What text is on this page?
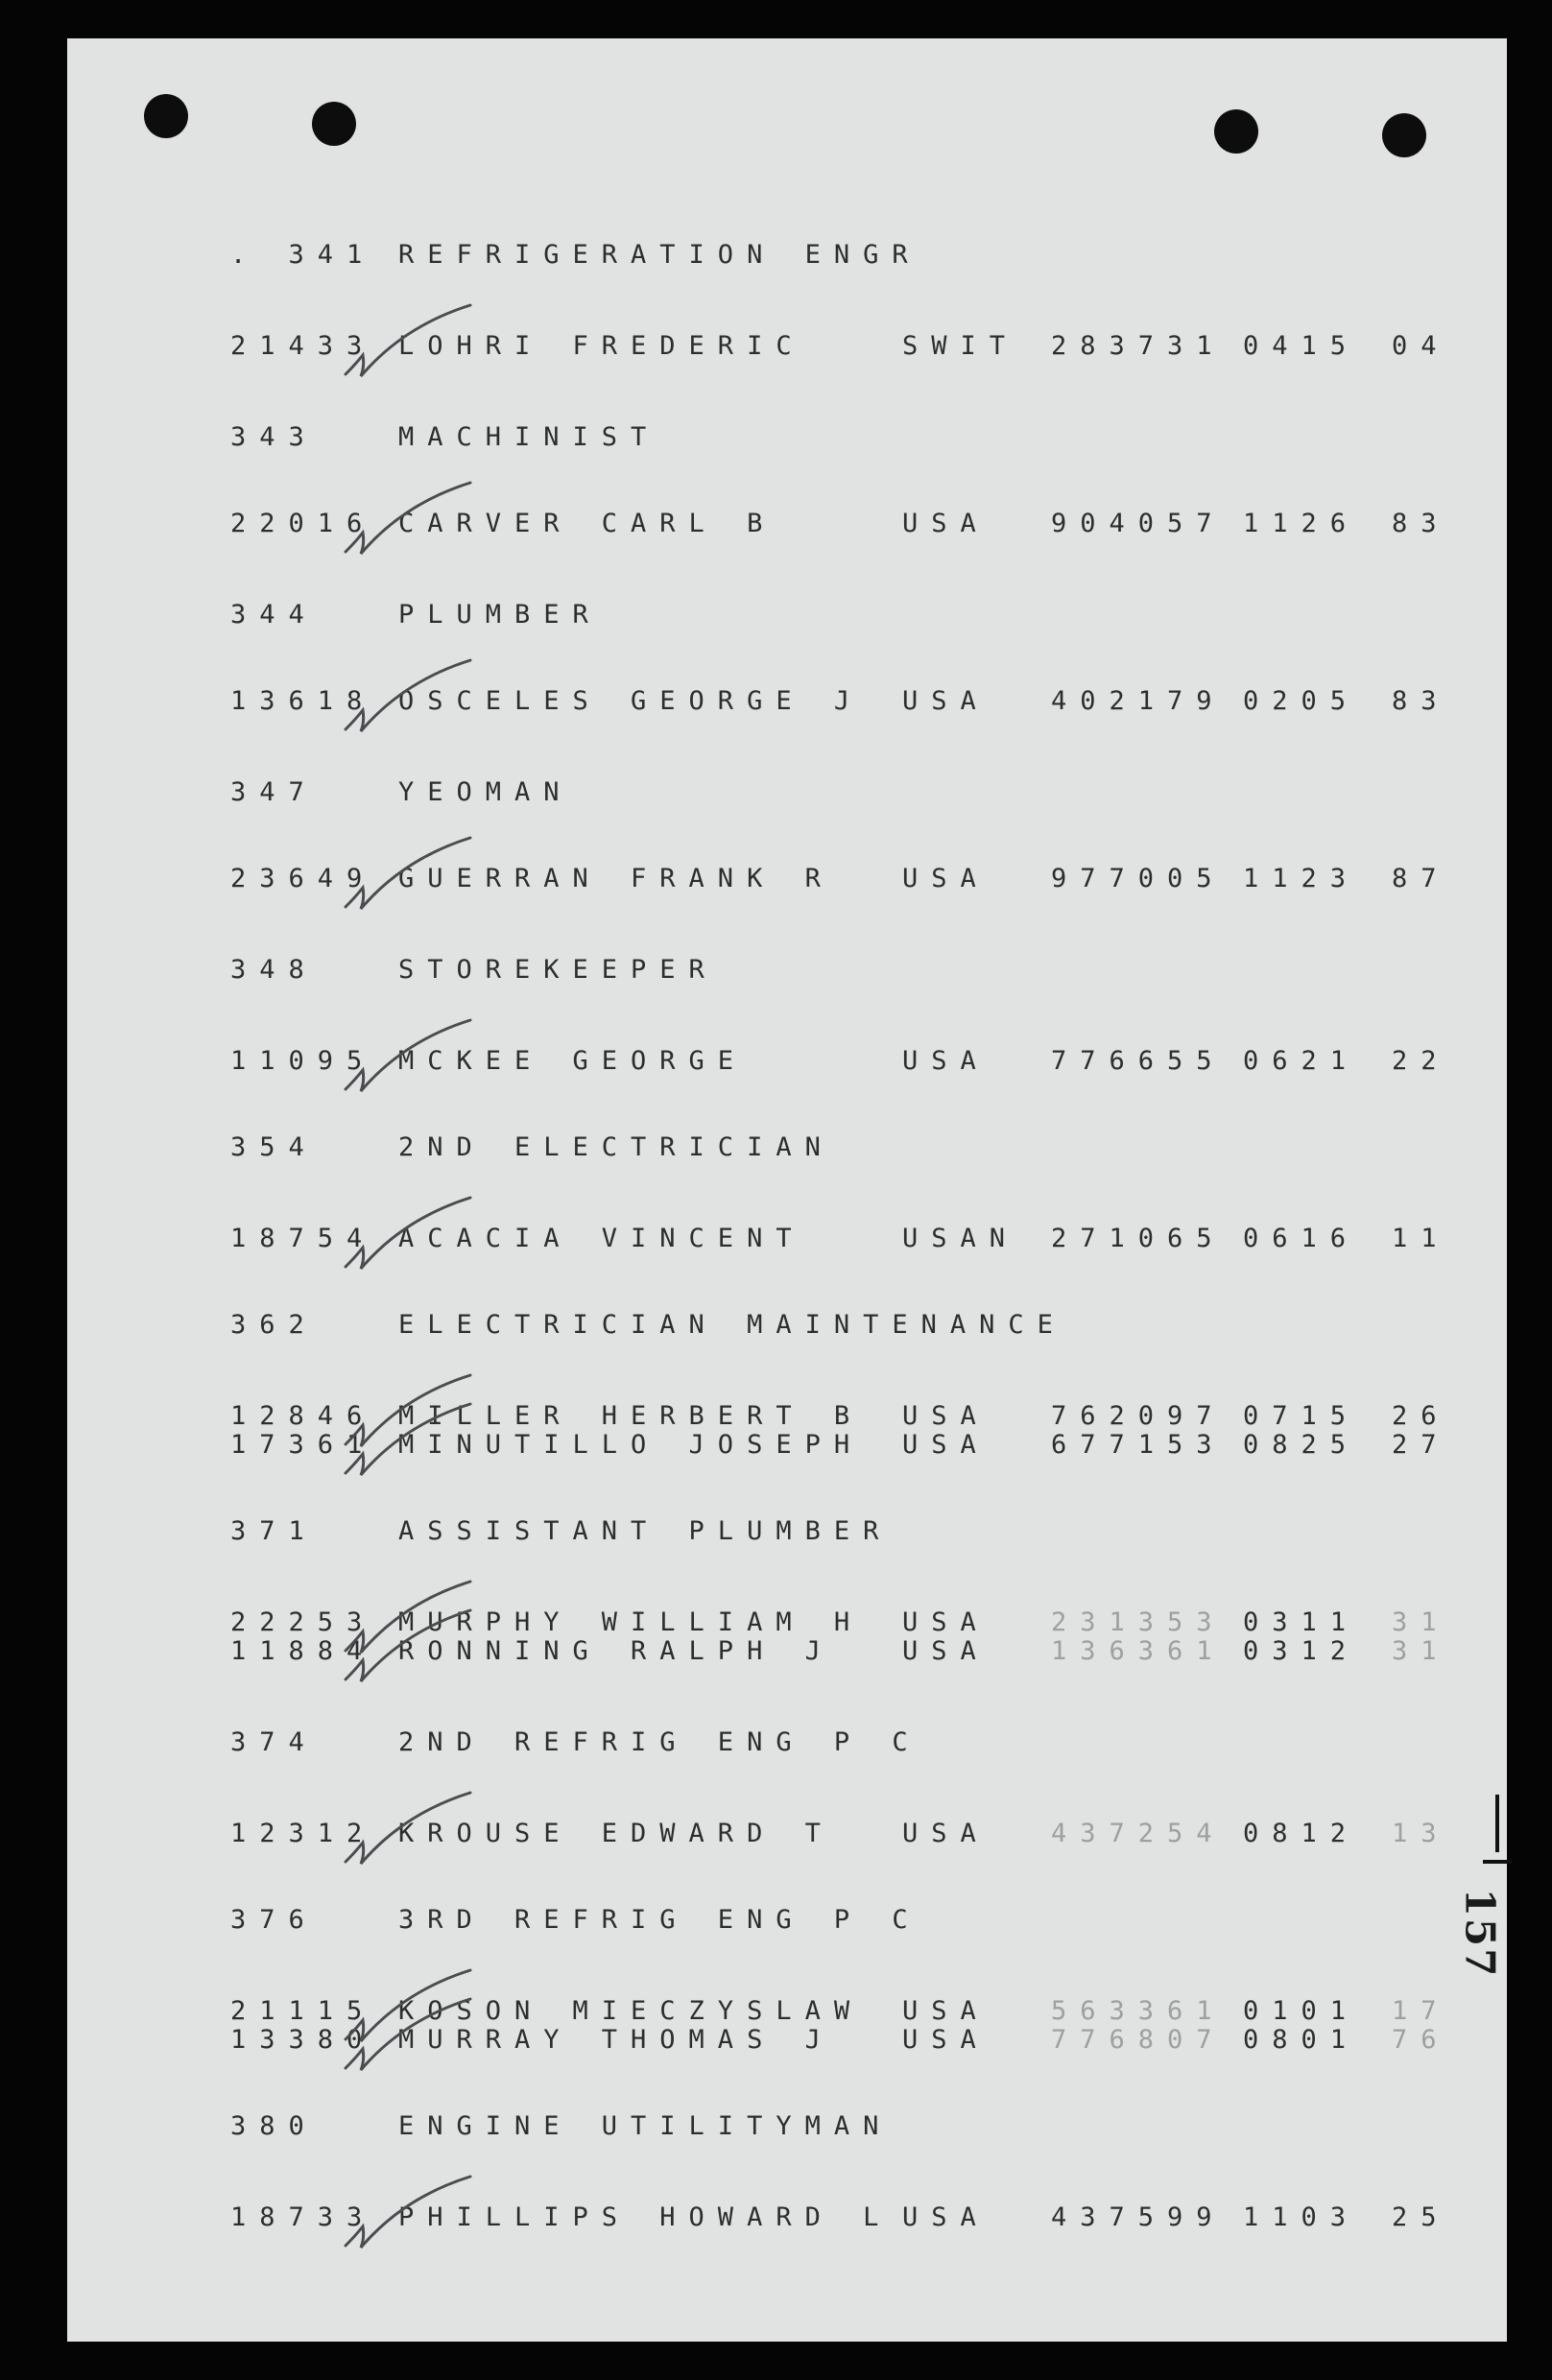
. 341 REFRIGERATION ENGR
21433 LOHRI FREDERIC	SWIT 283731 0415 04
343	MACHINIST
22016 CARVER CARL B	USA 904057 1126 83
344	PLUMBER
13618 OSCELES GEORGE J USA 402179 0205 83
347	YEOMAN
23649 GUERRAN FRANK R	USA 977005 1123 87
348	STOREKEEPER
11095 MCKEE GEORGE	USA 776655 0621 22
354	2ND ELECTRICIAN
18754 ACACIA VINCENT	USAN 271065 0616 11
362	ELECTRICIAN MAINTENANCE
12846 MILLER HERBERT B USA 762097 0715 26
17361 MINUTILLO JOSEPH USA 677153 0825 27
371	ASSISTANT PLUMBER
22253 MURPHY WILLIAM H USA 231353 0311 31
11884 RONNING RALPH J	USA 136361 0312 31
374	2ND REFRIG ENG P C
12312 KROUSE EDWARD T	USA 437254 0812 13
376	3RD REFRIG ENG P C
21115 KOSON MIECZYSLAW USA 563361 0101 17
13380 MURRAY THOMAS J	USA 776807 0801 76
380	ENGINE UTILITYMAN
18733 PHILLIPS HOWARD L USA 437599 1103 25
157
